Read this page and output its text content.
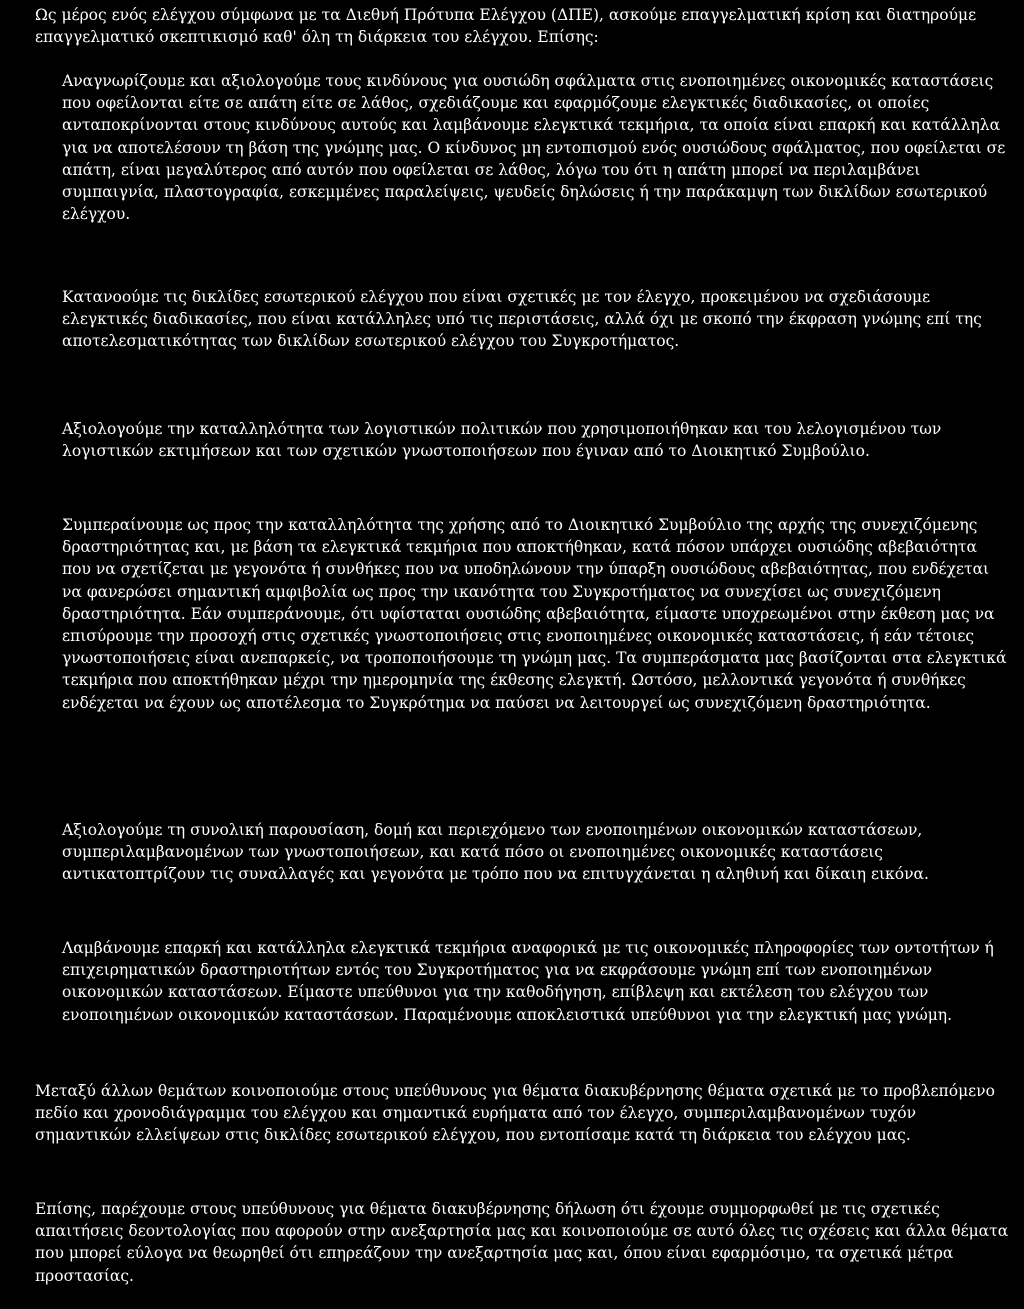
Ως μέρος ενός ελέγχου σύμφωνα με τα Διεθνή Πρότυπα Ελέγχου (ΔΠΕ), ασκούμε επαγγελματική κρίση και διατηρούμε επαγγελματικό σκεπτικισμό καθ' όλη τη διάρκεια του ελέγχου. Επίσης:

Αναγνωρίζουμε και αξιολογούμε τους κινδύνους για ουσιώδη σφάλματα στις ενοποιημένες οικονομικές καταστάσεις που οφείλονται είτε σε απάτη είτε σε λάθος, σχεδιάζουμε και εφαρμόζουμε ελεγκτικές διαδικασίες, οι οποίες ανταποκρίνονται στους κινδύνους αυτούς και λαμβάνουμε ελεγκτικά τεκμήρια, τα οποία είναι επαρκή και κατάλληλα για να αποτελέσουν τη βάση της γνώμης μας. Ο κίνδυνος μη εντοπισμού ενός ουσιώδους σφάλματος, που οφείλεται σε απάτη, είναι μεγαλύτερος από αυτόν που οφείλεται σε λάθος, λόγω του ότι η απάτη μπορεί να περιλαμβάνει συμπαιγνία, πλαστογραφία, εσκεμμένες παραλείψεις, ψευδείς δηλώσεις ή την παράκαμψη των δικλίδων εσωτερικού ελέγχου.

Κατανοούμε τις δικλίδες εσωτερικού ελέγχου που είναι σχετικές με τον έλεγχο, προκειμένου να σχεδιάσουμε ελεγκτικές διαδικασίες, που είναι κατάλληλες υπό τις περιστάσεις, αλλά όχι με σκοπό την έκφραση γνώμης επί της αποτελεσματικότητας των δικλίδων εσωτερικού ελέγχου του Συγκροτήματος.

Αξιολογούμε την καταλληλότητα των λογιστικών πολιτικών που χρησιμοποιήθηκαν και του λελογισμένου των λογιστικών εκτιμήσεων και των σχετικών γνωστοποιήσεων που έγιναν από το Διοικητικό Συμβούλιο.

Συμπεραίνουμε ως προς την καταλληλότητα της χρήσης από το Διοικητικό Συμβούλιο της αρχής της συνεχιζόμενης δραστηριότητας και, με βάση τα ελεγκτικά τεκμήρια που αποκτήθηκαν, κατά πόσον υπάρχει ουσιώδης αβεβαιότητα που να σχετίζεται με γεγονότα ή συνθήκες που να υποδηλώνουν την ύπαρξη ουσιώδους αβεβαιότητας, που ενδέχεται να φανερώσει σημαντική αμφιβολία ως προς την ικανότητα του Συγκροτήματος να συνεχίσει ως συνεχιζόμενη δραστηριότητα. Εάν συμπεράνουμε, ότι υφίσταται ουσιώδης αβεβαιότητα, είμαστε υποχρεωμένοι στην έκθεση μας να επισύρουμε την προσοχή στις σχετικές γνωστοποιήσεις στις ενοποιημένες οικονομικές καταστάσεις, ή εάν τέτοιες γνωστοποιήσεις είναι ανεπαρκείς, να τροποποιήσουμε τη γνώμη μας. Τα συμπεράσματα μας βασίζονται στα ελεγκτικά τεκμήρια που αποκτήθηκαν μέχρι την ημερομηνία της έκθεσης ελεγκτή. Ωστόσο, μελλοντικά γεγονότα ή συνθήκες ενδέχεται να έχουν ως αποτέλεσμα το Συγκρότημα να παύσει να λειτουργεί ως συνεχιζόμενη δραστηριότητα.

Αξιολογούμε τη συνολική παρουσίαση, δομή και περιεχόμενο των ενοποιημένων οικονομικών καταστάσεων, συμπεριλαμβανομένων των γνωστοποιήσεων, και κατά πόσο οι ενοποιημένες οικονομικές καταστάσεις αντικατοπτρίζουν τις συναλλαγές και γεγονότα με τρόπο που να επιτυγχάνεται η αληθινή και δίκαιη εικόνα.

Λαμβάνουμε επαρκή και κατάλληλα ελεγκτικά τεκμήρια αναφορικά με τις οικονομικές πληροφορίες των οντοτήτων ή επιχειρηματικών δραστηριοτήτων εντός του Συγκροτήματος για να εκφράσουμε γνώμη επί των ενοποιημένων οικονομικών καταστάσεων. Είμαστε υπεύθυνοι για την καθοδήγηση, επίβλεψη και εκτέλεση του ελέγχου των ενοποιημένων οικονομικών καταστάσεων. Παραμένουμε αποκλειστικά υπεύθυνοι για την ελεγκτική μας γνώμη.

Μεταξύ άλλων θεμάτων κοινοποιούμε στους υπεύθυνους για θέματα διακυβέρνησης θέματα σχετικά με το προβλεπόμενο πεδίο και χρονοδιάγραμμα του ελέγχου και σημαντικά ευρήματα από τον έλεγχο, συμπεριλαμβανομένων τυχόν σημαντικών ελλείψεων στις δικλίδες εσωτερικού ελέγχου, που εντοπίσαμε κατά τη διάρκεια του ελέγχου μας.

Επίσης, παρέχουμε στους υπεύθυνους για θέματα διακυβέρνησης δήλωση ότι έχουμε συμμορφωθεί με τις σχετικές απαιτήσεις δεοντολογίας που αφορούν στην ανεξαρτησία μας και κοινοποιούμε σε αυτό όλες τις σχέσεις και άλλα θέματα που μπορεί εύλογα να θεωρηθεί ότι επηρεάζουν την ανεξαρτησία μας και, όπου είναι εφαρμόσιμο, τα σχετικά μέτρα προστασίας.
